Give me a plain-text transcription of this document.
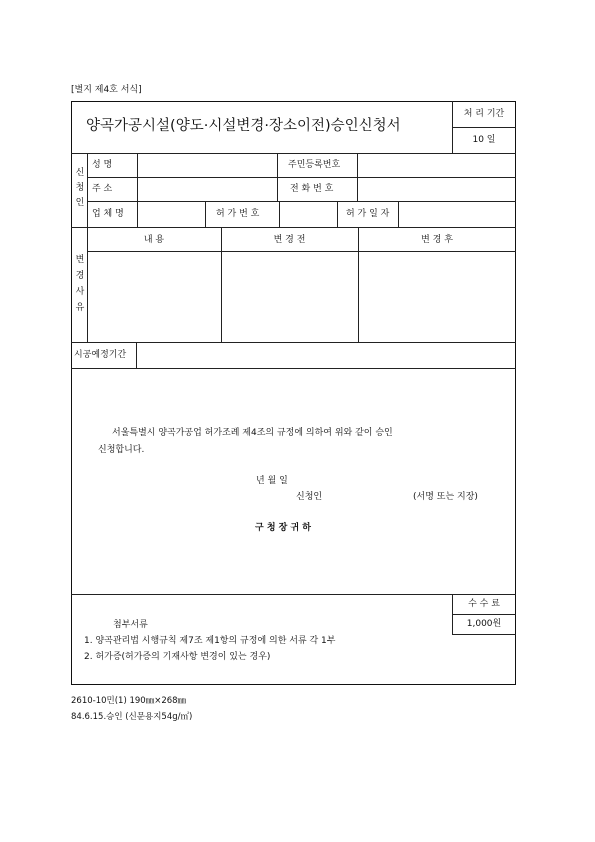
[별지 제4호 서식]
양곡가공시설(양도·시설변경·장소이전)승인신청서
처 리 기간
10 일
신
청
인
성 명	주민등록번호
주 소	전 화 번 호
업 체 명	허 가 번 호	허 가 일 자
변
경
사
유
내 용	변 경 전	변 경 후
시공예정기간
서울특별시 양곡가공업 허가조례 제4조의 규정에 의하여 위와 같이 승인
신청합니다.
년 월 일
신청인	(서명 또는 지장)
구 청 장 귀 하
수 수 료
1,000원
첨부서류
1. 양곡관리법 시행규칙 제7조 제1항의 규정에 의한 서류 각 1부
2. 허가증(허가증의 기재사항 변경이 있는 경우)
2610-10민(1) 190㎜×268㎜
84.6.15.승인 (신문용지54g/㎡)
